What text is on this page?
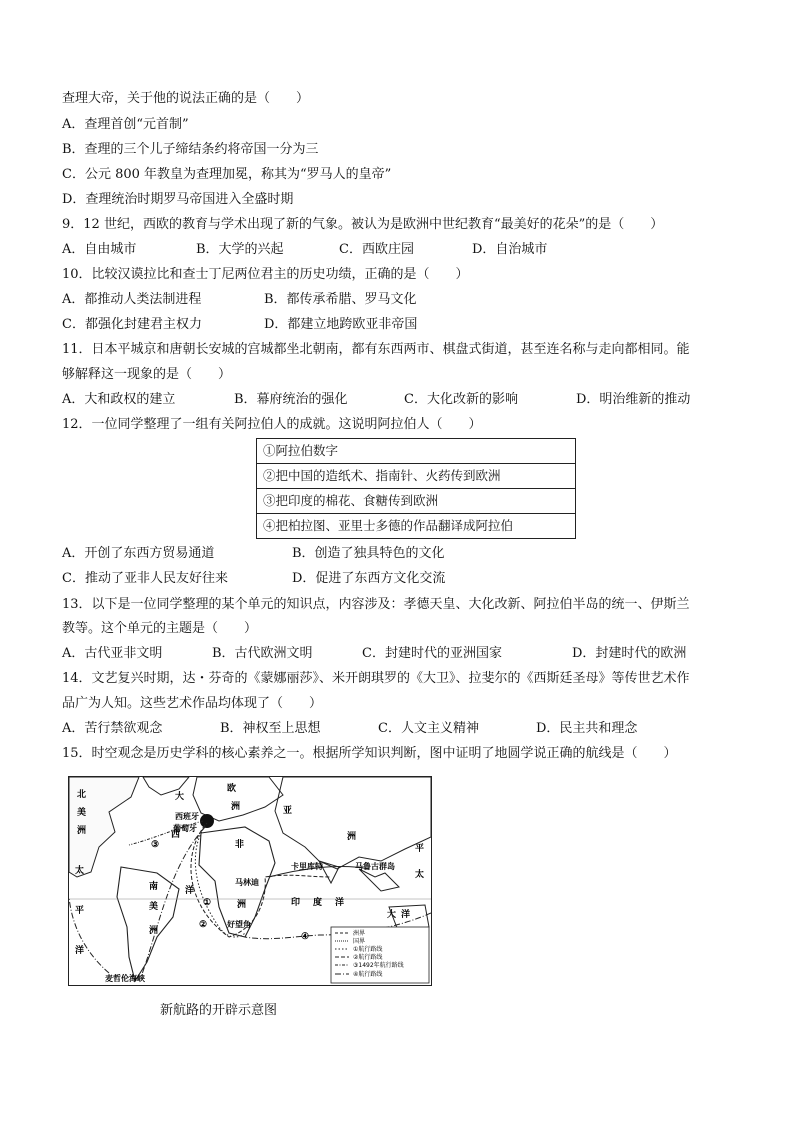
查理大帝，关于他的说法正确的是（　　）
A．查理首创“元首制”
B．查理的三个儿子缔结条约将帝国一分为三
C．公元 800 年教皇为查理加冕，称其为“罗马人的皇帝”
D．查理统治时期罗马帝国进入全盛时期
9．12 世纪，西欧的教育与学术出现了新的气象。被认为是欧洲中世纪教育“最美好的花朵”的是（　　）
A．自由城市	B．大学的兴起	C．西欧庄园	D．自治城市
10．比较汉谟拉比和查士丁尼两位君主的历史功绩，正确的是（　　）
A．都推动人类法制进程	B．都传承希腊、罗马文化
C．都强化封建君主权力	D．都建立地跨欧亚非帝国
11．日本平城京和唐朝长安城的宫城都坐北朝南，都有东西两市、棋盘式街道，甚至连名称与走向都相同。能
够解释这一现象的是（　　）
A．大和政权的建立	B．幕府统治的强化	C．大化改新的影响	D．明治维新的推动
12．一位同学整理了一组有关阿拉伯人的成就。这说明阿拉伯人（　　）
①阿拉伯数字
②把中国的造纸术、指南针、火药传到欧洲
③把印度的棉花、食糖传到欧洲
④把柏拉图、亚里士多德的作品翻译成阿拉伯
A．开创了东西方贸易通道	B．创造了独具特色的文化
C．推动了亚非人民友好往来	D．促进了东西方文化交流
13．以下是一位同学整理的某个单元的知识点，内容涉及：孝德天皇、大化改新、阿拉伯半岛的统一、伊斯兰
教等。这个单元的主题是（　　）
A．古代亚非文明	B．古代欧洲文明	C．封建时代的亚洲国家	D．封建时代的欧洲
14．文艺复兴时期，达・芬奇的《蒙娜丽莎》、米开朗琪罗的《大卫》、拉斐尔的《西斯廷圣母》等传世艺术作
品广为人知。这些艺术作品均体现了（　　）
A．苦行禁欲观念	B．神权至上思想	C．人文主义精神	D．民主共和理念
15．时空观念是历史学科的核心素养之一。根据所学知识判断，图中证明了地圆学说正确的航线是（　　）
北
美
洲
太
平
洋
大
西
洋
欧
洲	亚
洲
非
洲
南
美
洲
印 度 洋
平
太
大 洋
西班牙
葡萄牙
马林迪
卡里库特	马鲁古群岛
好望角
麦哲伦海峡
③
②
①
④	洲界
国界
①航行路线
②航行路线
③1492年航行路线
④航行路线
新航路的开辟示意图
